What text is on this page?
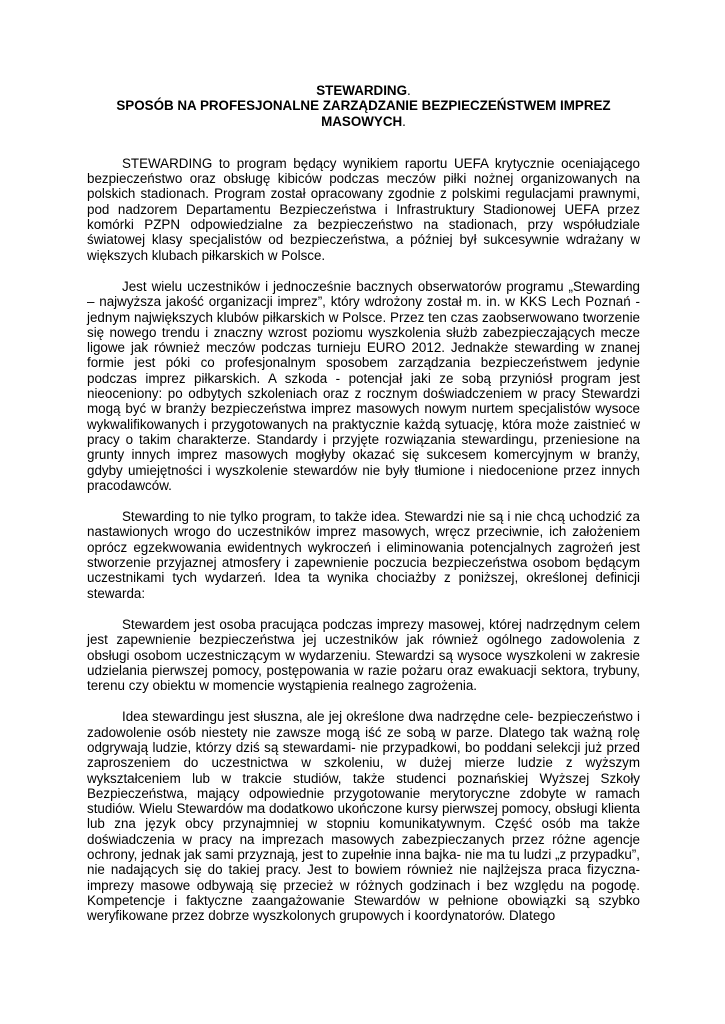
STEWARDING.
SPOSÓB NA PROFESJONALNE ZARZĄDZANIE BEZPIECZEŃSTWEM IMPREZ MASOWYCH.

STEWARDING to program będący wynikiem raportu UEFA krytycznie oceniającego bezpieczeństwo oraz obsługę kibiców podczas meczów piłki nożnej organizowanych na polskich stadionach. Program został opracowany zgodnie z polskimi regulacjami prawnymi, pod nadzorem Departamentu Bezpieczeństwa i Infrastruktury Stadionowej UEFA przez komórki PZPN odpowiedzialne za bezpieczeństwo na stadionach, przy współudziale światowej klasy specjalistów od bezpieczeństwa, a później był sukcesywnie wdrażany w większych klubach piłkarskich w Polsce.

Jest wielu uczestników i jednocześnie bacznych obserwatorów programu „Stewarding – najwyższa jakość organizacji imprez”, który wdrożony został m. in. w KKS Lech Poznań - jednym największych klubów piłkarskich w Polsce. Przez ten czas zaobserwowano tworzenie się nowego trendu i znaczny wzrost poziomu wyszkolenia służb zabezpieczających mecze ligowe jak również meczów podczas turnieju EURO 2012. Jednakże stewarding w znanej formie jest póki co profesjonalnym sposobem zarządzania bezpieczeństwem jedynie podczas imprez piłkarskich. A szkoda - potencjał jaki ze sobą przyniósł program jest nieoceniony: po odbytych szkoleniach oraz z rocznym doświadczeniem w pracy Stewardzi mogą być w branży bezpieczeństwa imprez masowych nowym nurtem specjalistów wysoce wykwalifikowanych i przygotowanych na praktycznie każdą sytuację, która może zaistnieć w pracy o takim charakterze. Standardy i przyjęte rozwiązania stewardingu, przeniesione na grunty innych imprez masowych mogłyby okazać się sukcesem komercyjnym w branży, gdyby umiejętności i wyszkolenie stewardów nie były tłumione i niedocenione przez innych pracodawców.

Stewarding to nie tylko program, to także idea. Stewardzi nie są i nie chcą uchodzić za nastawionych wrogo do uczestników imprez masowych, wręcz przeciwnie, ich założeniem oprócz egzekwowania ewidentnych wykroczeń i eliminowania potencjalnych zagrożeń jest stworzenie przyjaznej atmosfery i zapewnienie poczucia bezpieczeństwa osobom będącym uczestnikami tych wydarzeń. Idea ta wynika chociażby z poniższej, określonej definicji stewarda:

Stewardem jest osoba pracująca podczas imprezy masowej, której nadrzędnym celem jest zapewnienie bezpieczeństwa jej uczestników jak również ogólnego zadowolenia z obsługi osobom uczestniczącym w wydarzeniu. Stewardzi są wysoce wyszkoleni w zakresie udzielania pierwszej pomocy, postępowania w razie pożaru oraz ewakuacji sektora, trybuny, terenu czy obiektu w momencie wystąpienia realnego zagrożenia.

Idea stewardingu jest słuszna, ale jej określone dwa nadrzędne cele- bezpieczeństwo i zadowolenie osób niestety nie zawsze mogą iść ze sobą w parze. Dlatego tak ważną rolę odgrywają ludzie, którzy dziś są stewardami- nie przypadkowi, bo poddani selekcji już przed zaproszeniem do uczestnictwa w szkoleniu, w dużej mierze ludzie z wyższym wykształceniem lub w trakcie studiów, także studenci poznańskiej Wyższej Szkoły Bezpieczeństwa, mający odpowiednie przygotowanie merytoryczne zdobyte w ramach studiów. Wielu Stewardów ma dodatkowo ukończone kursy pierwszej pomocy, obsługi klienta lub zna język obcy przynajmniej w stopniu komunikatywnym. Część osób ma także doświadczenia w pracy na imprezach masowych zabezpieczanych przez różne agencje ochrony, jednak jak sami przyznają, jest to zupełnie inna bajka- nie ma tu ludzi „z przypadku”, nie nadających się do takiej pracy. Jest to bowiem również nie najlżejsza praca fizyczna- imprezy masowe odbywają się przecież w różnych godzinach i bez względu na pogodę. Kompetencje i faktyczne zaangażowanie Stewardów w pełnione obowiązki są szybko weryfikowane przez dobrze wyszkolonych grupowych i koordynatorów. Dlatego
